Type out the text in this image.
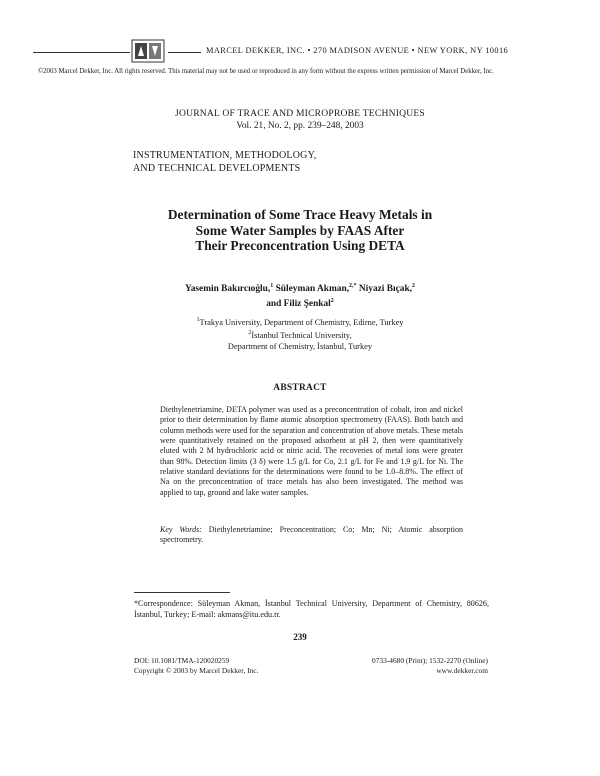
MARCEL DEKKER, INC. • 270 MADISON AVENUE • NEW YORK, NY 10016
©2003 Marcel Dekker, Inc. All rights reserved. This material may not be used or reproduced in any form without the express written permission of Marcel Dekker, Inc.
JOURNAL OF TRACE AND MICROPROBE TECHNIQUES
Vol. 21, No. 2, pp. 239–248, 2003
INSTRUMENTATION, METHODOLOGY,
AND TECHNICAL DEVELOPMENTS
Determination of Some Trace Heavy Metals in
Some Water Samples by FAAS After
Their Preconcentration Using DETA
Yasemin Bakırcıoğlu,$^1$ Süleyman Akman,$^{2,*}$ Niyazi Bıçak,$^2$
and Filiz Şenkal$^2$
$^1$Trakya University, Department of Chemistry, Edirne, Turkey
$^2$İstanbul Technical University,
Department of Chemistry, İstanbul, Turkey
ABSTRACT
Diethylenetriamine, DETA polymer was used as a preconcentration of cobalt, iron and nickel prior to their determination by flame atomic absorption spectrometry (FAAS). Both batch and column methods were used for the separation and concentration of above metals. These metals were quantitatively retained on the proposed adsorbent at pH 2, then were quantitatively eluted with 2 M hydrochloric acid or nitric acid. The recoveries of metal ions were greater than 98%. Detection limits (3 δ) were 1.5 g/L for Co, 2.1 g/L for Fe and 1.9 g/L for Ni. The relative standard deviations for the determinations were found to be 1.0–8.8%. The effect of Na on the preconcentration of trace metals has also been investigated. The method was applied to tap, ground and lake water samples.
Key Words: Diethylenetriamine; Preconcentration; Co; Mn; Ni; Atomic absorption spectrometry.
*Correspondence: Süleyman Akman, İstanbul Technical University, Department of Chemistry, 80626, İstanbul, Turkey; E-mail: akmans@itu.edu.tr.
239
DOI: 10.1081/TMA-120020259
Copyright © 2003 by Marcel Dekker, Inc.
0733-4680 (Print); 1532-2270 (Online)
www.dekker.com
